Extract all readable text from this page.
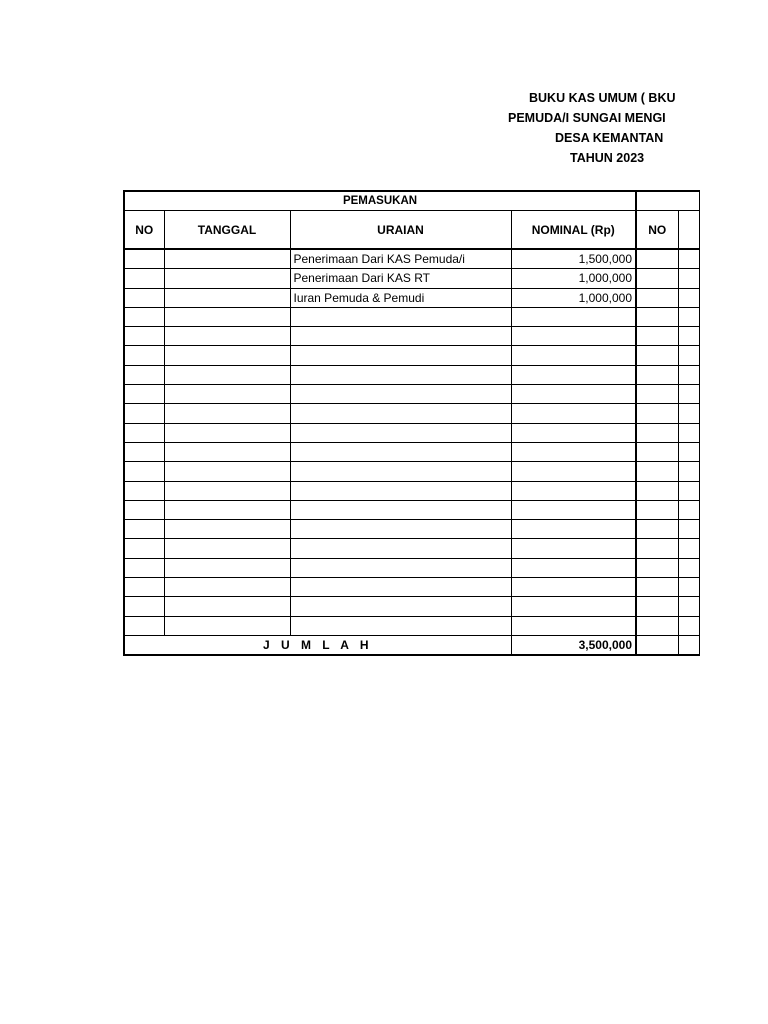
BUKU KAS UMUM ( BKU
PEMUDA/I SUNGAI MENGI
DESA KEMANTAN
TAHUN 2023
PEMASUKAN					
NO	TANGGAL	URAIAN	NOMINAL (Rp)	NO	
		Penerimaan Dari KAS Pemuda/i	1,500,000		
		Penerimaan Dari KAS RT	1,000,000		
		Iuran Pemuda & Pemudi	1,000,000		

J U M L A H			3,500,000		
